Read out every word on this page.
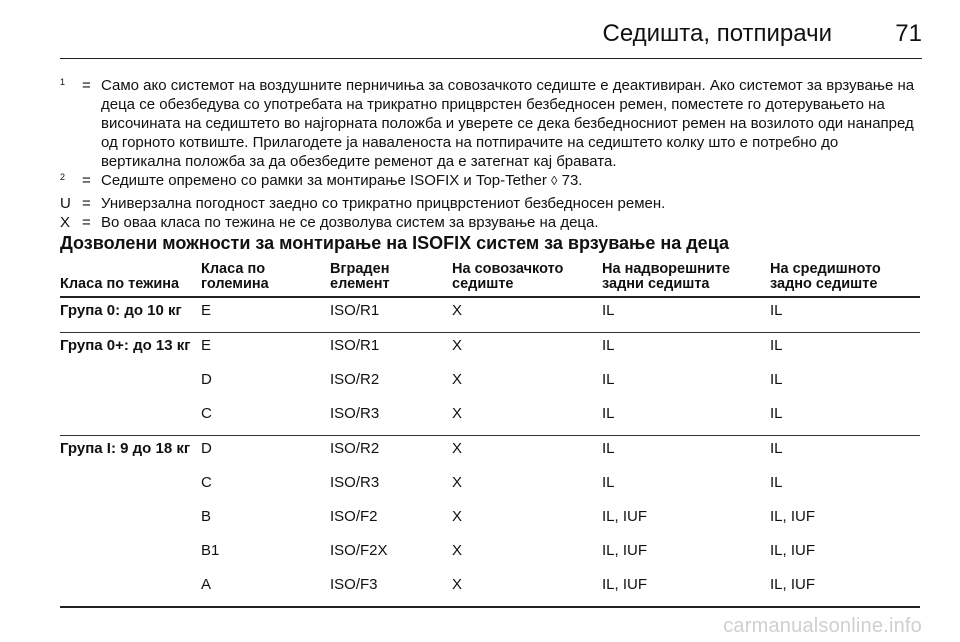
Седишта, потпирачи	71
$^1$	= Само ако системот на воздушните перничиња за совозачкото седиште е деактивиран. Ако системот за врзување на деца се обезбедува со употребата на трикратно прицврстен безбедносен ремен, поместете го дотерувањето на височината на седиштето во најгорната положба и уверете се дека безбедносниот ремен на возилото оди нанапред од горното котвиште. Прилагодете ја наваленоста на потпирачите на седиштето колку што е потребно до вертикална положба за да обезбедите ременот да е затегнат кај бравата.
$^2$	= Седиште опремено со рамки за монтирање ISOFIX и Top-Tether ◊ 73.
U = Универзална погодност заедно со трикратно прицврстениот безбедносен ремен.
X = Во оваа класа по тежина не се дозволува систем за врзување на деца.
Дозволени можности за монтирање на ISOFIX систем за врзување на деца
Класа по тежина	Класа по големина	Вграден елемент	На совозачкото седиште	На надворешните задни седишта	На средишното задно седиште
Група 0: до 10 кг	E	ISO/R1	X	IL	IL
Група 0+: до 13 кг	E	ISO/R1	X	IL	IL
	D	ISO/R2	X	IL	IL
	C	ISO/R3	X	IL	IL
Група I: 9 до 18 кг	D	ISO/R2	X	IL	IL
	C	ISO/R3	X	IL	IL
	B	ISO/F2	X	IL, IUF	IL, IUF
	B1	ISO/F2X	X	IL, IUF	IL, IUF
	A	ISO/F3	X	IL, IUF	IL, IUF
carmanualsonline.info
